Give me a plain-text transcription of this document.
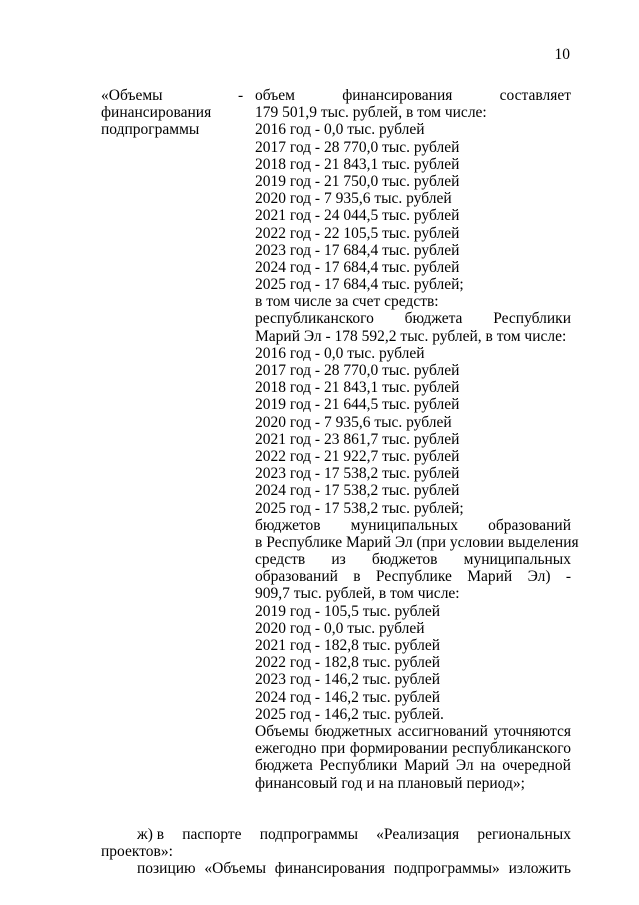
10
«Объемы
финансирования
подпрограммы
- объем	финансирования	составляет
179 501,9 тыс. рублей, в том числе:
2016 год - 0,0 тыс. рублей
2017 год - 28 770,0 тыс. рублей
2018 год - 21 843,1 тыс. рублей
2019 год - 21 750,0 тыс. рублей
2020 год - 7 935,6 тыс. рублей
2021 год - 24 044,5 тыс. рублей
2022 год - 22 105,5 тыс. рублей
2023 год - 17 684,4 тыс. рублей
2024 год - 17 684,4 тыс. рублей
2025 год - 17 684,4 тыс. рублей;
в том числе за счет средств:
республиканского бюджета Республики
Марий Эл - 178 592,2 тыс. рублей, в том числе:
2016 год - 0,0 тыс. рублей
2017 год - 28 770,0 тыс. рублей
2018 год - 21 843,1 тыс. рублей
2019 год - 21 644,5 тыс. рублей
2020 год - 7 935,6 тыс. рублей
2021 год - 23 861,7 тыс. рублей
2022 год - 21 922,7 тыс. рублей
2023 год - 17 538,2 тыс. рублей
2024 год - 17 538,2 тыс. рублей
2025 год - 17 538,2 тыс. рублей;
бюджетов муниципальных образований
в Республике Марий Эл (при условии выделения
средств из бюджетов муниципальных
образований в Республике Марий Эл) -
909,7 тыс. рублей, в том числе:
2019 год - 105,5 тыс. рублей
2020 год - 0,0 тыс. рублей
2021 год - 182,8 тыс. рублей
2022 год - 182,8 тыс. рублей
2023 год - 146,2 тыс. рублей
2024 год - 146,2 тыс. рублей
2025 год - 146,2 тыс. рублей.
Объемы бюджетных ассигнований уточняются
ежегодно при формировании республиканского
бюджета Республики Марий Эл на очередной
финансовый год и на плановый период»;
ж) в паспорте подпрограммы «Реализация региональных
проектов»:
позицию «Объемы финансирования подпрограммы» изложить
